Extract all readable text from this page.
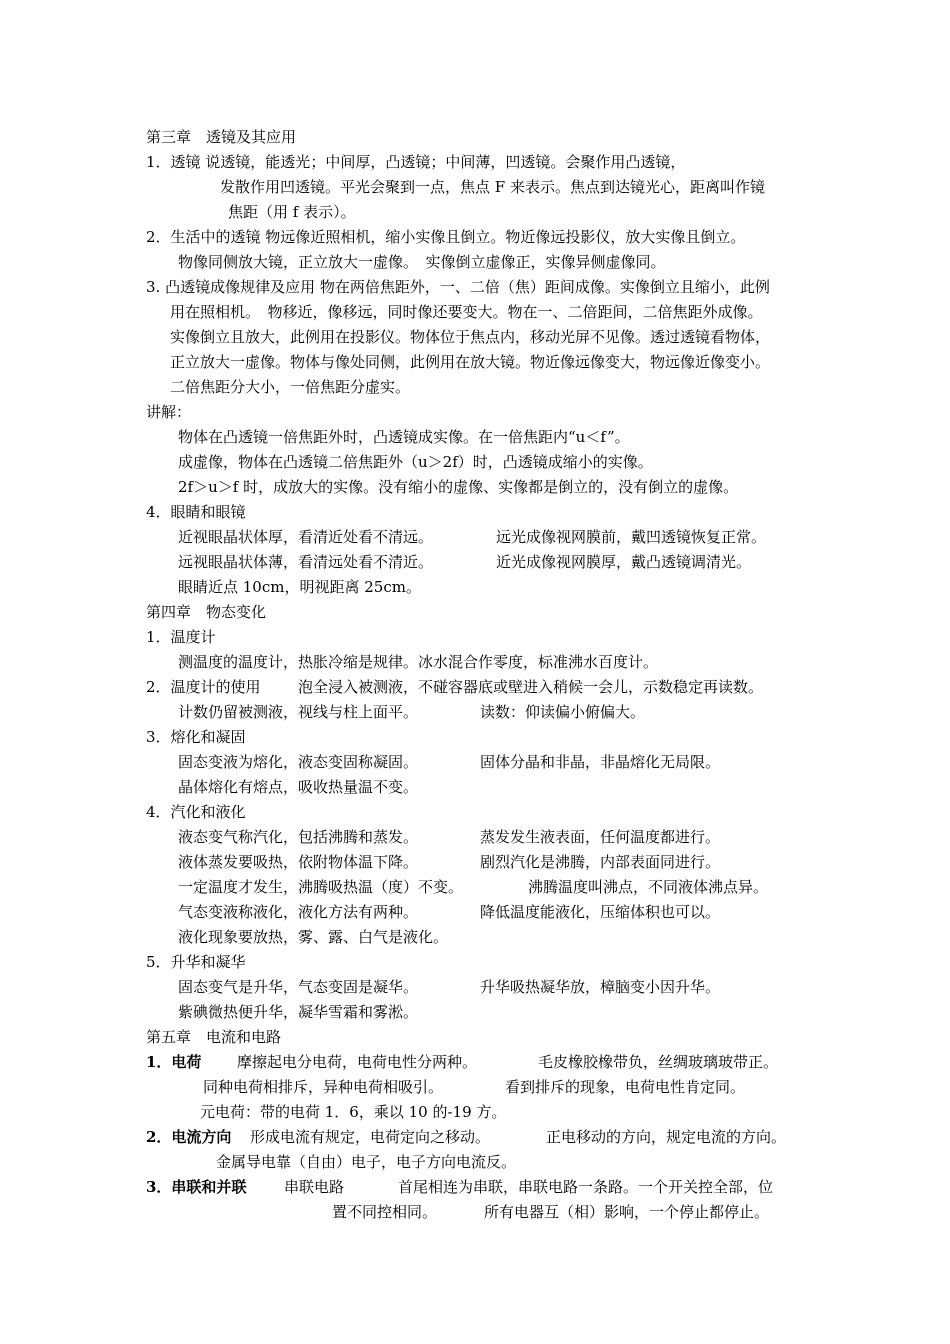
第三章　透镜及其应用
1．透镜 说透镜，能透光；中间厚，凸透镜；中间薄，凹透镜。会聚作用凸透镜，
发散作用凹透镜。平光会聚到一点，焦点 F 来表示。焦点到达镜光心，距离叫作镜
焦距（用 f 表示）。
2．生活中的透镜 物远像近照相机，缩小实像且倒立。物近像远投影仪，放大实像且倒立。
物像同侧放大镜，正立放大一虚像。　实像倒立虚像正，实像异侧虚像同。
3. 凸透镜成像规律及应用 物在两倍焦距外，一、二倍（焦）距间成像。实像倒立且缩小，此例
用在照相机。　物移近，像移远，同时像还要变大。物在一、二倍距间，二倍焦距外成像。
实像倒立且放大，此例用在投影仪。物体位于焦点内，移动光屏不见像。透过透镜看物体，
正立放大一虚像。物体与像处同侧，此例用在放大镜。物近像远像变大，物远像近像变小。
二倍焦距分大小，一倍焦距分虚实。
讲解：
物体在凸透镜一倍焦距外时，凸透镜成实像。在一倍焦距内“u＜f”。
成虚像，物体在凸透镜二倍焦距外（u＞2f）时，凸透镜成缩小的实像。
2f＞u＞f 时，成放大的实像。没有缩小的虚像、实像都是倒立的，没有倒立的虚像。
4．眼睛和眼镜
近视眼晶状体厚，看清近处看不清远。	远光成像视网膜前，戴凹透镜恢复正常。
远视眼晶状体薄，看清远处看不清近。	近光成像视网膜厚，戴凸透镜调清光。
眼睛近点 10cm，明视距离 25cm。
第四章　物态变化
1．温度计
测温度的温度计，热胀冷缩是规律。冰水混合作零度，标准沸水百度计。
2．温度计的使用 泡全浸入被测液，不碰容器底或壁进入稍候一会儿，示数稳定再读数。
计数仍留被测液，视线与柱上面平。	读数：仰读偏小俯偏大。
3．熔化和凝固
固态变液为熔化，液态变固称凝固。	固体分晶和非晶，非晶熔化无局限。
晶体熔化有熔点，吸收热量温不变。
4．汽化和液化
液态变气称汽化，包括沸腾和蒸发。	蒸发发生液表面，任何温度都进行。
液体蒸发要吸热，依附物体温下降。	剧烈汽化是沸腾，内部表面同进行。
一定温度才发生，沸腾吸热温（度）不变。	沸腾温度叫沸点，不同液体沸点异。
气态变液称液化，液化方法有两种。	降低温度能液化，压缩体积也可以。
液化现象要放热，雾、露、白气是液化。
5．升华和凝华
固态变气是升华，气态变固是凝华。	升华吸热凝华放，樟脑变小因升华。
紫碘微热便升华，凝华雪霜和雾淞。
第五章　电流和电路
1．电荷 摩擦起电分电荷，电荷电性分两种。	毛皮橡胶橡带负，丝绸玻璃玻带正。
同种电荷相排斥，异种电荷相吸引。	看到排斥的现象，电荷电性肯定同。
元电荷：带的电荷 1．6，乘以 10 的-19 方。
2．电流方向 形成电流有规定，电荷定向之移动。	正电移动的方向，规定电流的方向。
金属导电靠（自由）电子，电子方向电流反。
3．串联和并联	串联电路	首尾相连为串联，串联电路一条路。一个开关控全部，位
置不同控相同。	所有电器互（相）影响，一个停止都停止。
